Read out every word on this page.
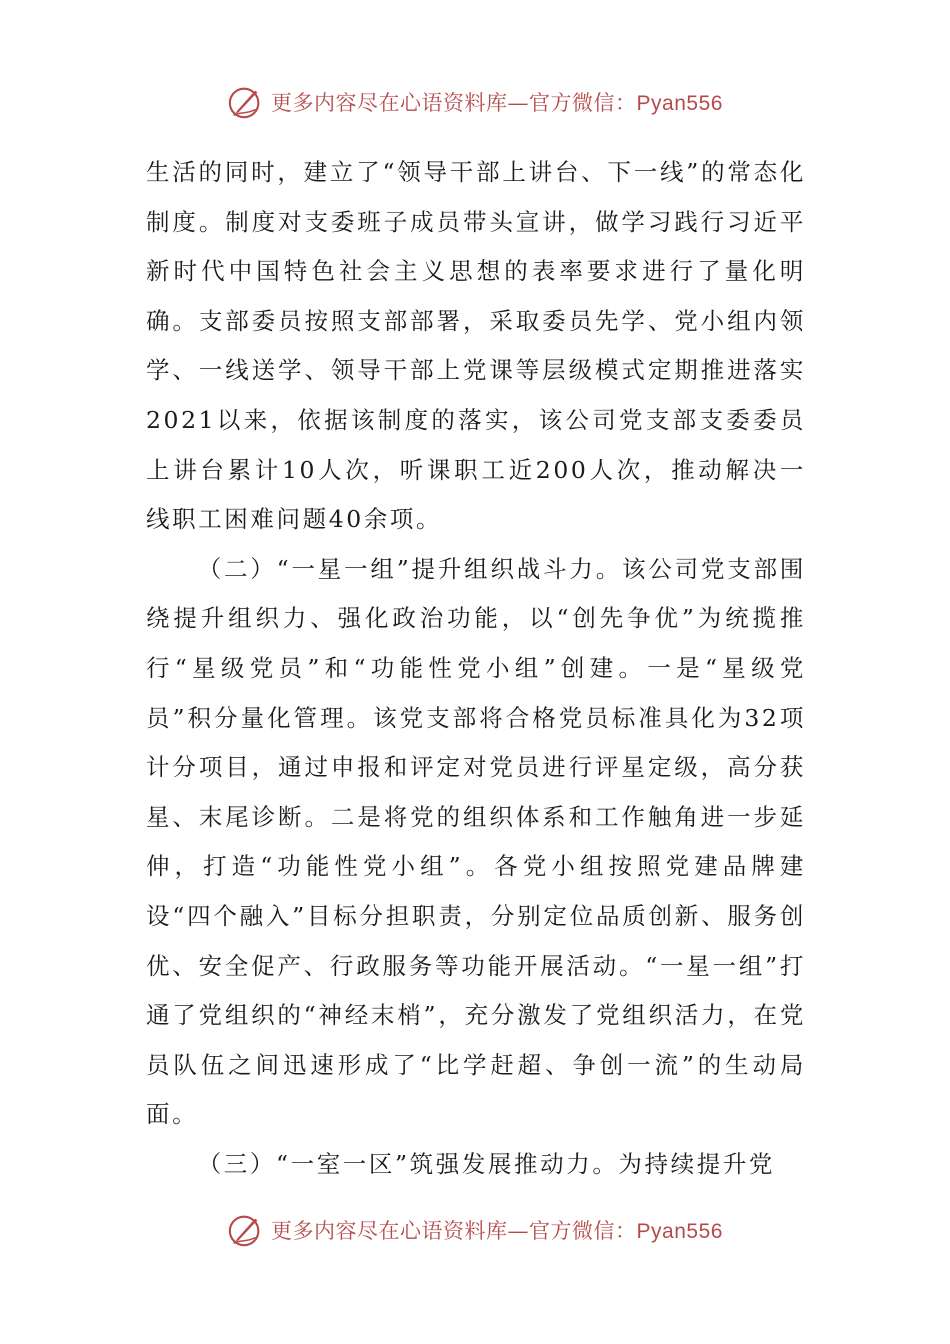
更多内容尽在心语资料库—官方微信：Pyan556

生活的同时，建立了“领导干部上讲台、下一线”的常态化制度。制度对支委班子成员带头宣讲，做学习践行习近平新时代中国特色社会主义思想的表率要求进行了量化明确。支部委员按照支部部署，采取委员先学、党小组内领学、一线送学、领导干部上党课等层级模式定期推进落实2021以来，依据该制度的落实，该公司党支部支委委员上讲台累计10人次，听课职工近200人次，推动解决一线职工困难问题40余项。

（二）“一星一组”提升组织战斗力。该公司党支部围绕提升组织力、强化政治功能，以“创先争优”为统揽推行“星级党员”和“功能性党小组”创建。一是“星级党员”积分量化管理。该党支部将合格党员标准具化为32项计分项目，通过申报和评定对党员进行评星定级，高分获星、末尾诊断。二是将党的组织体系和工作触角进一步延伸，打造“功能性党小组”。各党小组按照党建品牌建设“四个融入”目标分担职责，分别定位品质创新、服务创优、安全促产、行政服务等功能开展活动。“一星一组”打通了党组织的“神经末梢”，充分激发了党组织活力，在党员队伍之间迅速形成了“比学赶超、争创一流”的生动局面。

（三）“一室一区”筑强发展推动力。为持续提升党

更多内容尽在心语资料库—官方微信：Pyan556
